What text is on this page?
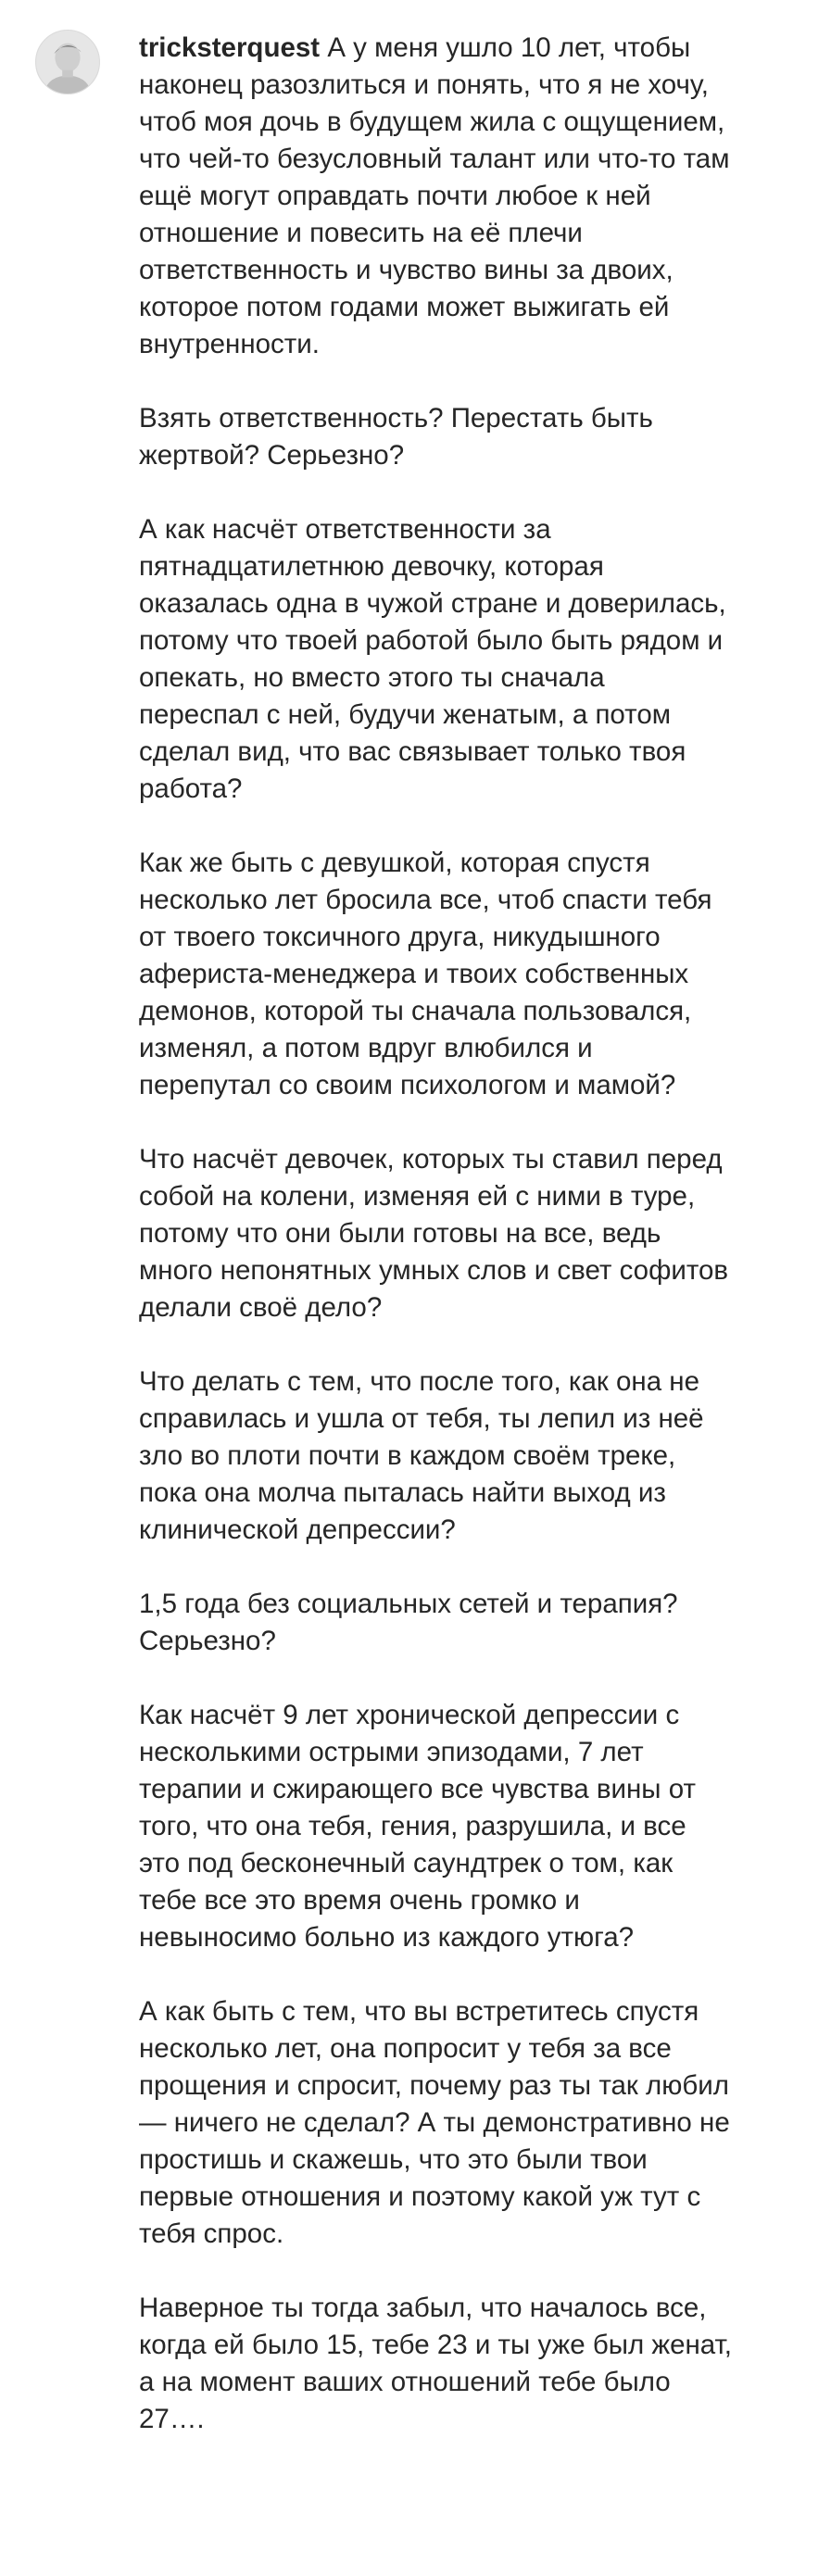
tricksterquest А у меня ушло 10 лет, чтобы наконец разозлиться и понять, что я не хочу, чтоб моя дочь в будущем жила с ощущением, что чей-то безусловный талант или что-то там ещё могут оправдать почти любое к ней отношение и повесить на её плечи ответственность и чувство вины за двоих, которое потом годами может выжигать ей внутренности.

Взять ответственность? Перестать быть жертвой? Серьезно?

А как насчёт ответственности за пятнадцатилетнюю девочку, которая оказалась одна в чужой стране и доверилась, потому что твоей работой было быть рядом и опекать, но вместо этого ты сначала переспал с ней, будучи женатым, а потом сделал вид, что вас связывает только твоя работа?

Как же быть с девушкой, которая спустя несколько лет бросила все, чтоб спасти тебя от твоего токсичного друга, никудышного афериста-менеджера и твоих собственных демонов, которой ты сначала пользовался, изменял, а потом вдруг влюбился и перепутал со своим психологом и мамой?

Что насчёт девочек, которых ты ставил перед собой на колени, изменяя ей с ними в туре, потому что они были готовы на все, ведь много непонятных умных слов и свет софитов делали своё дело?

Что делать с тем, что после того, как она не справилась и ушла от тебя, ты лепил из неё зло во плоти почти в каждом своём треке, пока она молча пыталась найти выход из клинической депрессии?

1,5 года без социальных сетей и терапия? Серьезно?

Как насчёт 9 лет хронической депрессии с несколькими острыми эпизодами, 7 лет терапии и сжирающего все чувства вины от того, что она тебя, гения, разрушила, и все это под бесконечный саундтрек о том, как тебе все это время очень громко и невыносимо больно из каждого утюга?

А как быть с тем, что вы встретитесь спустя несколько лет, она попросит у тебя за все прощения и спросит, почему раз ты так любил — ничего не сделал? А ты демонстративно не простишь и скажешь, что это были твои первые отношения и поэтому какой уж тут с тебя спрос.

Наверное ты тогда забыл, что началось все, когда ей было 15, тебе 23 и ты уже был женат, а на момент ваших отношений тебе было 27….
